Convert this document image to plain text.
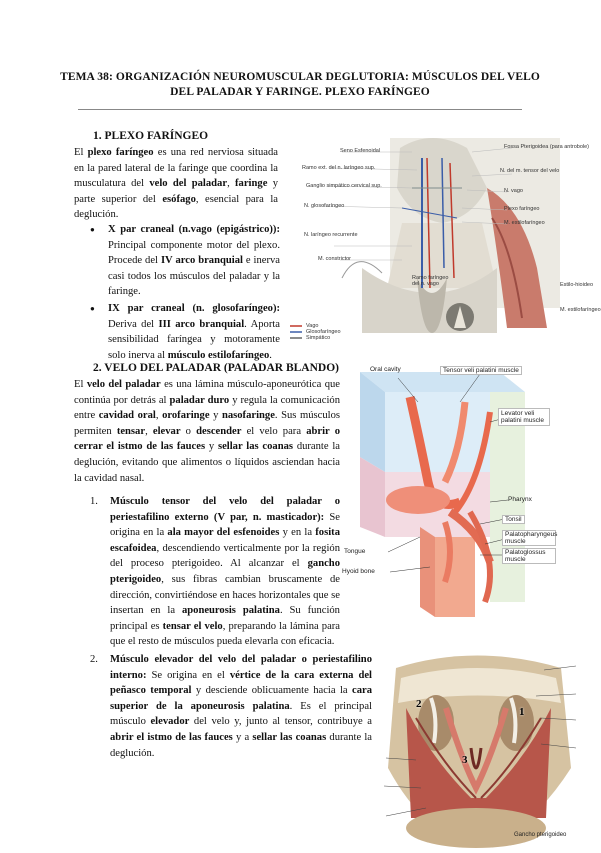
TEMA 38: ORGANIZACIÓN NEUROMUSCULAR DEGLUTORIA: MÚSCULOS DEL VELO
DEL PALADAR Y FARINGE. PLEXO FARÍNGEO
1. PLEXO FARÍNGEO
El plexo faríngeo es una red nerviosa situada en la pared lateral de la faringe que coordina la musculatura del velo del paladar, faringe y parte superior del esófago, esencial para la deglución.
● X par craneal (n.vago (epigástrico)): Principal componente motor del plexo. Procede del IV arco branquial e inerva casi todos los músculos del paladar y la faringe.
● IX par craneal (n. glosofaríngeo): Deriva del III arco branquial. Aporta sensibilidad faríngea y motoramente solo inerva al músculo estilofaríngeo.
Seno Esfenoidal
Fossa Pterigoidea (para antrobole)
Ramo ext. del n. laríngeo sup.	N. del m. tensor del velo
Ganglio simpático cervical sup.
N. vago
N. glosofaríngeo	Plexo faríngeo
N. laríngeo recurrente
M. estilofaríngeo
Ramo faríngeo del n. vago
M. constrictor
Vago
Glosofaríngeo
Simpático
Estilo-hioideo
M. estilofaríngeo
2. VELO DEL PALADAR (PALADAR BLANDO)
El velo del paladar es una lámina músculo-aponeurótica que continúa por detrás al paladar duro y regula la comunicación entre cavidad oral, orofaringe y nasofaringe. Sus músculos permiten tensar, elevar o descender el velo para abrir o cerrar el istmo de las fauces y sellar las coanas durante la deglución, evitando que alimentos o líquidos asciendan hacia la cavidad nasal.
Oral cavity	Tensor veli palatini muscle
Levator veli palatini muscle
Pharynx
Tonsil
Palatopharyngeus muscle
Palatoglossus muscle
Tongue
Hyoid bone
1. Músculo tensor del velo del paladar o periestafilino externo (V par, n. masticador): Se origina en la ala mayor del esfenoides y en la fosita escafoidea, descendiendo verticalmente por la región del proceso pterigoideo. Al alcanzar el gancho pterigoideo, sus fibras cambian bruscamente de dirección, convirtiéndose en haces horizontales que se insertan en la aponeurosis palatina. Su función principal es tensar el velo, preparando la lámina para que el resto de músculos pueda elevarla con eficacia.
2. Músculo elevador del velo del paladar o periestafilino interno: Se origina en el vértice de la cara externa del peñasco temporal y desciende oblicuamente hacia la cara superior de la aponeurosis palatina. Es el principal músculo elevador del velo y, junto al tensor, contribuye a abrir el istmo de las fauces y a sellar las coanas durante la deglución.
2
1
3
Gancho pterigoideo
